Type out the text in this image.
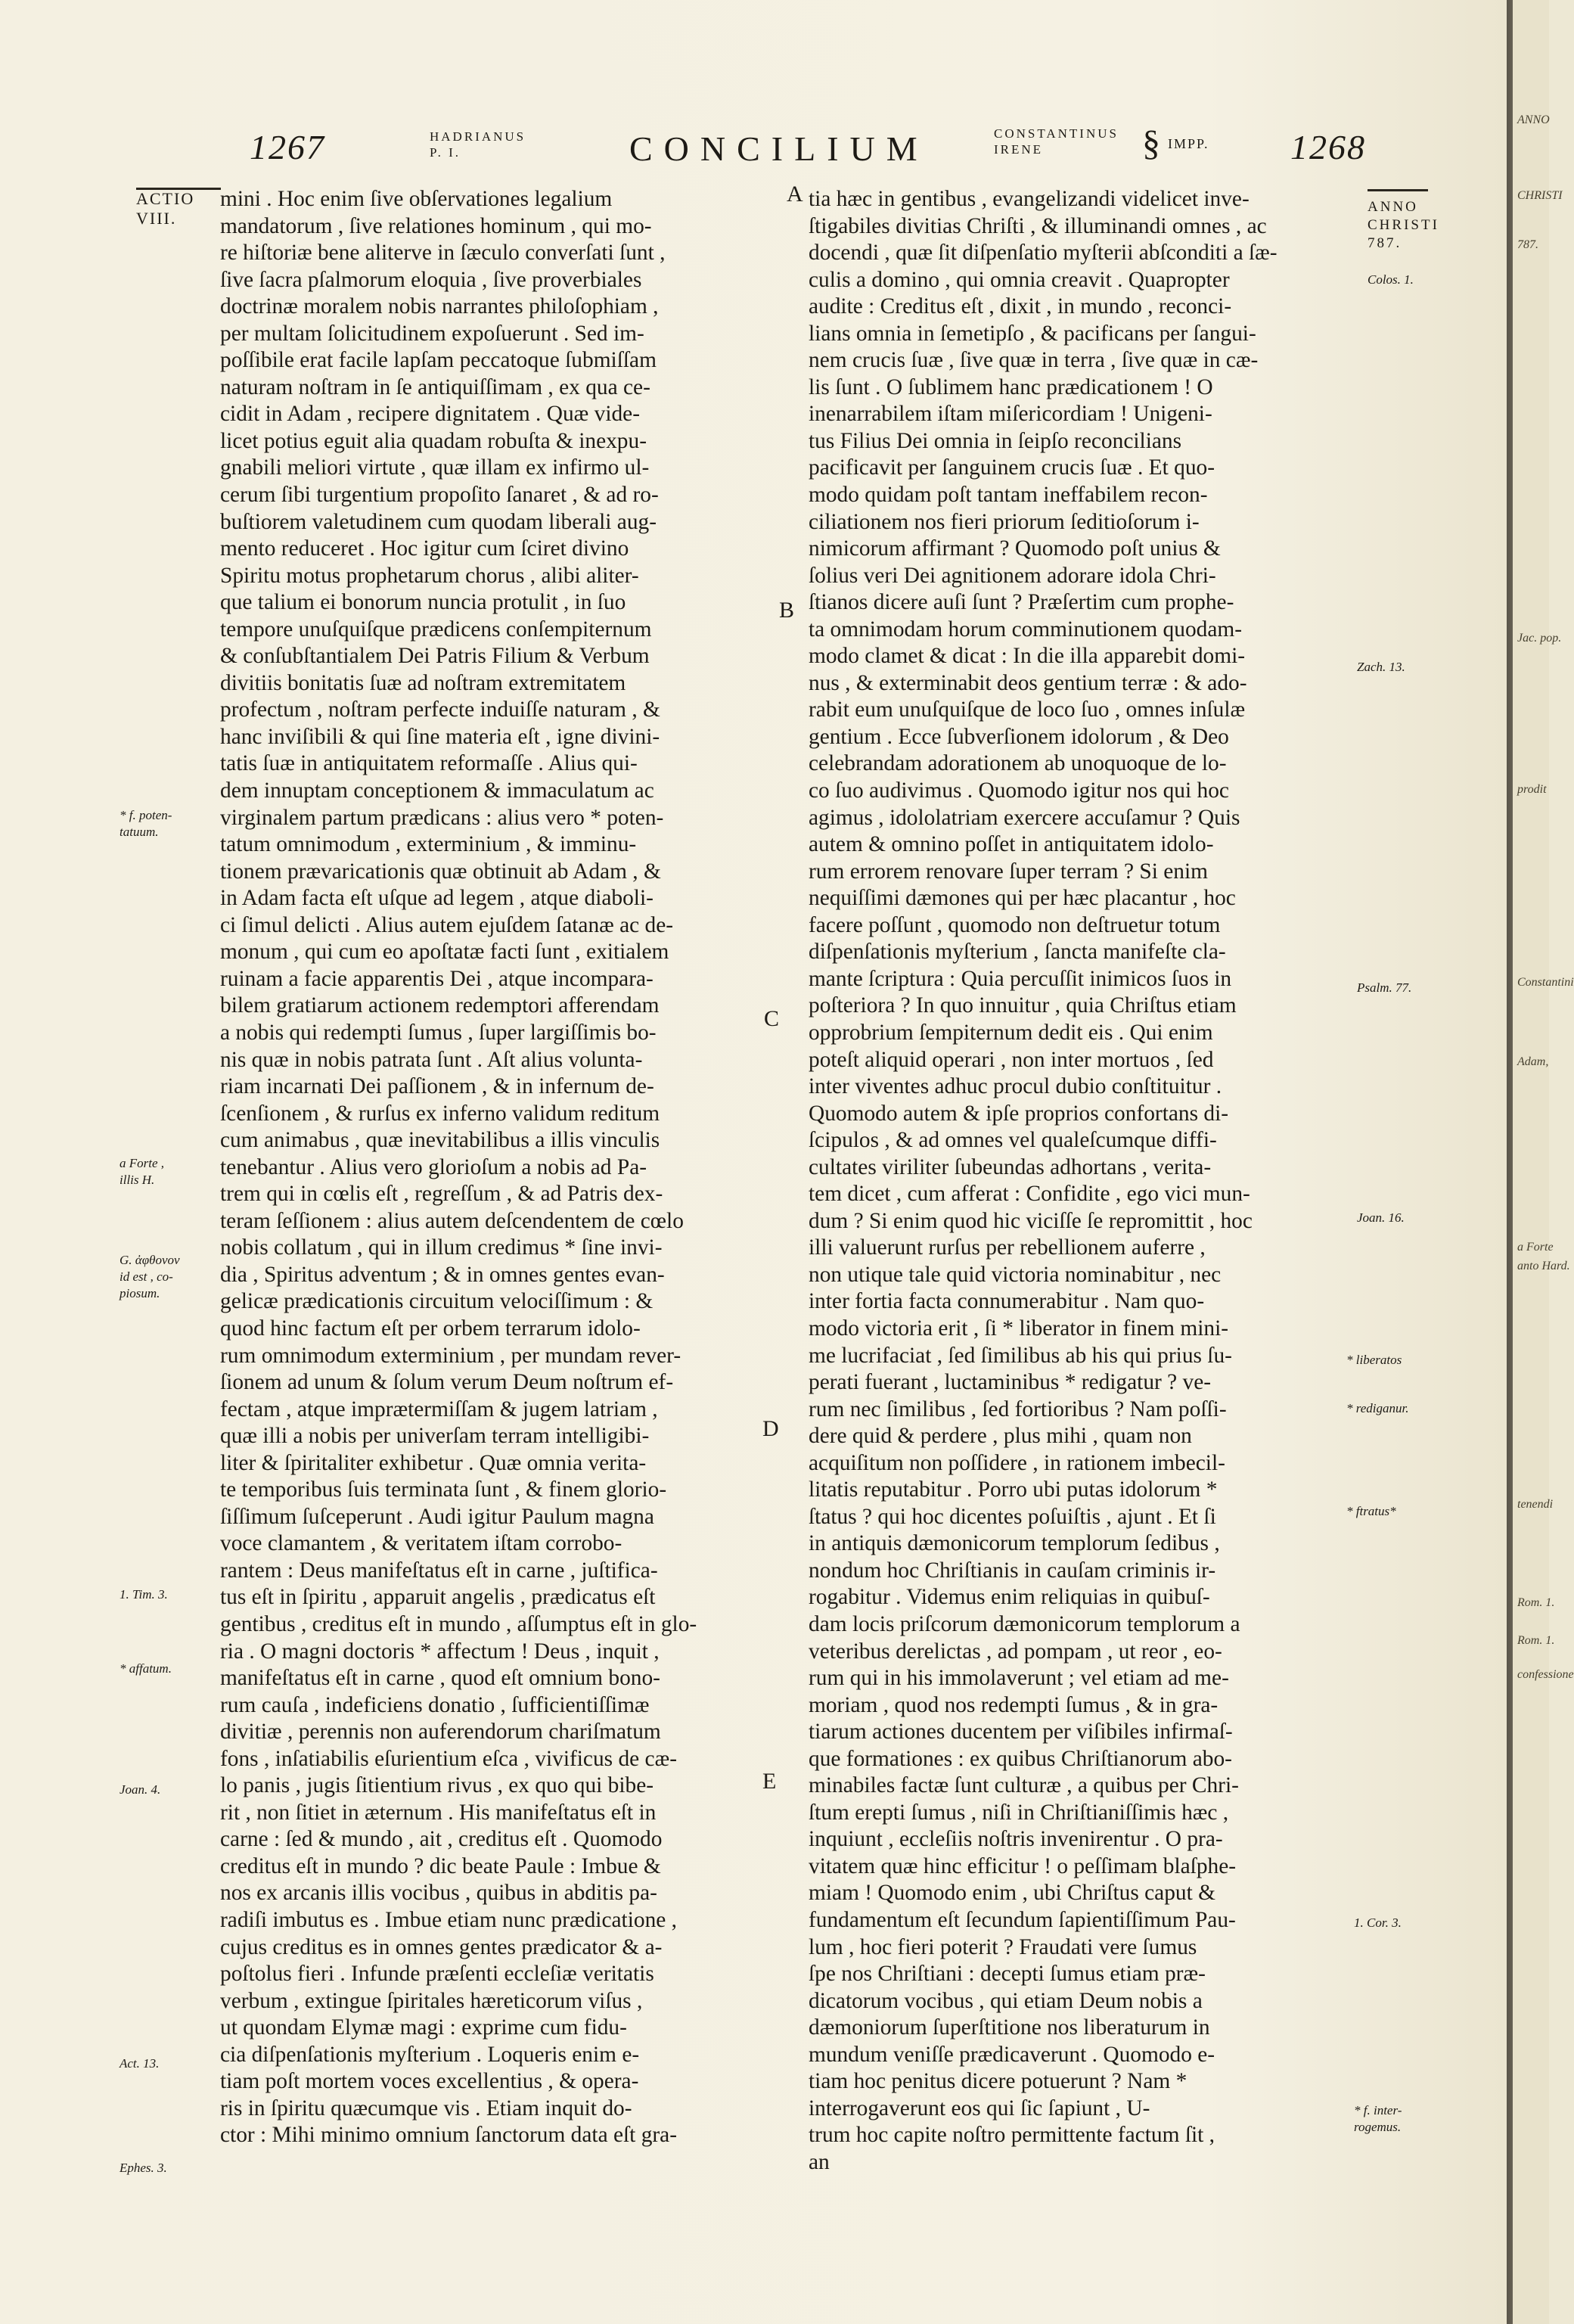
ANNO
CHRISTI
787.
Jac. pop.
prodit
Constantini
Adam,
a Forte
anto Hard.
tenendi
Rom. 1.
Rom. 1.
confessione
1267	HADRIANUS
P. I.	CONCILIUM	CONSTANTINUS
IRENE	§ IMPP. 1268
ACTIO
VIII.
* f. poten-
tatuum.
a Forte ,
illis H.
G. ἀφθονον
id est , co-
piosum.
1. Tim. 3.
* affatum.
Joan. 4.
Act. 13.
Ephes. 3.
ANNO
CHRISTI
787.
Colos. 1.
Zach. 13.
Psalm. 77.
Joan. 16.
* liberatos
* rediganur.
* ftratus*
1. Cor. 3.
* f. inter-
rogemus.
A
B
C
D
E
mini . Hoc enim ſive obſervationes legalium
mandatorum , ſive relationes hominum , qui mo-
re hiſtoriæ bene aliterve in ſæculo converſati ſunt ,
ſive ſacra pſalmorum eloquia , ſive proverbiales
doctrinæ moralem nobis narrantes philoſophiam ,
per multam ſolicitudinem expoſuerunt . Sed im-
poſſibile erat facile lapſam peccatoque ſubmiſſam
naturam noſtram in ſe antiquiſſimam , ex qua ce-
cidit in Adam , recipere dignitatem . Quæ vide-
licet potius eguit alia quadam robuſta & inexpu-
gnabili meliori virtute , quæ illam ex infirmo ul-
cerum ſibi turgentium propoſito ſanaret , & ad ro-
buſtiorem valetudinem cum quodam liberali aug-
mento reduceret . Hoc igitur cum ſciret divino
Spiritu motus prophetarum chorus , alibi aliter-
que talium ei bonorum nuncia protulit , in ſuo
tempore unuſquiſque prædicens conſempiternum
& conſubſtantialem Dei Patris Filium & Verbum
divitiis bonitatis ſuæ ad noſtram extremitatem
profectum , noſtram perfecte induiſſe naturam , &
hanc inviſibili & qui ſine materia eſt , igne divini-
tatis ſuæ in antiquitatem reformaſſe . Alius qui-
dem innuptam conceptionem & immaculatum ac
virginalem partum prædicans : alius vero * poten-
tatum omnimodum , exterminium , & imminu-
tionem prævaricationis quæ obtinuit ab Adam , &
in Adam facta eſt uſque ad legem , atque diaboli-
ci ſimul delicti . Alius autem ejuſdem ſatanæ ac de-
monum , qui cum eo apoſtatæ facti ſunt , exitialem
ruinam a facie apparentis Dei , atque incompara-
bilem gratiarum actionem redemptori afferendam
a nobis qui redempti ſumus , ſuper largiſſimis bo-
nis quæ in nobis patrata ſunt . Aſt alius volunta-
riam incarnati Dei paſſionem , & in infernum de-
ſcenſionem , & rurſus ex inferno validum reditum
cum animabus , quæ inevitabilibus a illis vinculis
tenebantur . Alius vero glorioſum a nobis ad Pa-
trem qui in cœlis eſt , regreſſum , & ad Patris dex-
teram ſeſſionem : alius autem deſcendentem de cœlo
nobis collatum , qui in illum credimus * ſine invi-
dia , Spiritus adventum ; & in omnes gentes evan-
gelicæ prædicationis circuitum velociſſimum : &
quod hinc factum eſt per orbem terrarum idolo-
rum omnimodum exterminium , per mundam rever-
ſionem ad unum & ſolum verum Deum noſtrum ef-
fectam , atque imprætermiſſam & jugem latriam ,
quæ illi a nobis per univerſam terram intelligibi-
liter & ſpiritaliter exhibetur . Quæ omnia verita-
te temporibus ſuis terminata ſunt , & finem glorio-
ſiſſimum ſuſceperunt . Audi igitur Paulum magna
voce clamantem , & veritatem iſtam corrobo-
rantem : Deus manifeſtatus eſt in carne , juſtifica-
tus eſt in ſpiritu , apparuit angelis , prædicatus eſt
gentibus , creditus eſt in mundo , aſſumptus eſt in glo-
ria . O magni doctoris * affectum ! Deus , inquit ,
manifeſtatus eſt in carne , quod eſt omnium bono-
rum cauſa , indeficiens donatio , ſufficientiſſimæ
divitiæ , perennis non auferendorum chariſmatum
fons , inſatiabilis eſurientium eſca , vivificus de cæ-
lo panis , jugis ſitientium rivus , ex quo qui bibe-
rit , non ſitiet in æternum . His manifeſtatus eſt in
carne : ſed & mundo , ait , creditus eſt . Quomodo
creditus eſt in mundo ? dic beate Paule : Imbue &
nos ex arcanis illis vocibus , quibus in abditis pa-
radiſi imbutus es . Imbue etiam nunc prædicatione ,
cujus creditus es in omnes gentes prædicator & a-
poſtolus fieri . Infunde præſenti eccleſiæ veritatis
verbum , extingue ſpiritales hæreticorum viſus ,
ut quondam Elymæ magi : exprime cum fidu-
cia diſpenſationis myſterium . Loqueris enim e-
tiam poſt mortem voces excellentius , & opera-
ris in ſpiritu quæcumque vis . Etiam inquit do-
ctor : Mihi minimo omnium ſanctorum data eſt gra-
tia hæc in gentibus , evangelizandi videlicet inve-
ſtigabiles divitias Chriſti , & illuminandi omnes , ac
docendi , quæ ſit diſpenſatio myſterii abſconditi a ſæ-
culis a domino , qui omnia creavit . Quapropter
audite : Creditus eſt , dixit , in mundo , reconci-
lians omnia in ſemetipſo , & pacificans per ſangui-
nem crucis ſuæ , ſive quæ in terra , ſive quæ in cæ-
lis ſunt . O ſublimem hanc prædicationem ! O
inenarrabilem iſtam miſericordiam ! Unigeni-
tus Filius Dei omnia in ſeipſo reconcilians
pacificavit per ſanguinem crucis ſuæ . Et quo-
modo quidam poſt tantam ineffabilem recon-
ciliationem nos fieri priorum ſeditioſorum i-
nimicorum affirmant ? Quomodo poſt unius &
ſolius veri Dei agnitionem adorare idola Chri-
ſtianos dicere auſi ſunt ? Præſertim cum prophe-
ta omnimodam horum comminutionem quodam-
modo clamet & dicat : In die illa apparebit domi-
nus , & exterminabit deos gentium terræ : & ado-
rabit eum unuſquiſque de loco ſuo , omnes inſulæ
gentium . Ecce ſubverſionem idolorum , & Deo
celebrandam adorationem ab unoquoque de lo-
co ſuo audivimus . Quomodo igitur nos qui hoc
agimus , idololatriam exercere accuſamur ? Quis
autem & omnino poſſet in antiquitatem idolo-
rum errorem renovare ſuper terram ? Si enim
nequiſſimi dæmones qui per hæc placantur , hoc
facere poſſunt , quomodo non deſtruetur totum
diſpenſationis myſterium , ſancta manifeſte cla-
mante ſcriptura : Quia percuſſit inimicos ſuos in
poſteriora ? In quo innuitur , quia Chriſtus etiam
opprobrium ſempiternum dedit eis . Qui enim
poteſt aliquid operari , non inter mortuos , ſed
inter viventes adhuc procul dubio conſtituitur .
Quomodo autem & ipſe proprios confortans di-
ſcipulos , & ad omnes vel qualeſcumque diffi-
cultates viriliter ſubeundas adhortans , verita-
tem dicet , cum afferat : Confidite , ego vici mun-
dum ? Si enim quod hic viciſſe ſe repromittit , hoc
illi valuerunt rurſus per rebellionem auferre ,
non utique tale quid victoria nominabitur , nec
inter fortia facta connumerabitur . Nam quo-
modo victoria erit , ſi * liberator in finem mini-
me lucrifaciat , ſed ſimilibus ab his qui prius ſu-
perati fuerant , luctaminibus * redigatur ? ve-
rum nec ſimilibus , ſed fortioribus ? Nam poſſi-
dere quid & perdere , plus mihi , quam non
acquiſitum non poſſidere , in rationem imbecil-
litatis reputabitur . Porro ubi putas idolorum *
ſtatus ? qui hoc dicentes poſuiſtis , ajunt . Et ſi
in antiquis dæmonicorum templorum ſedibus ,
nondum hoc Chriſtianis in cauſam criminis ir-
rogabitur . Videmus enim reliquias in quibuſ-
dam locis priſcorum dæmonicorum templorum a
veteribus derelictas , ad pompam , ut reor , eo-
rum qui in his immolaverunt ; vel etiam ad me-
moriam , quod nos redempti ſumus , & in gra-
tiarum actiones ducentem per viſibiles infirmaſ-
que formationes : ex quibus Chriſtianorum abo-
minabiles factæ ſunt culturæ , a quibus per Chri-
ſtum erepti ſumus , niſi in Chriſtianiſſimis hæc ,
inquiunt , eccleſiis noſtris invenirentur . O pra-
vitatem quæ hinc efficitur ! o peſſimam blaſphe-
miam ! Quomodo enim , ubi Chriſtus caput &
fundamentum eſt ſecundum ſapientiſſimum Pau-
lum , hoc fieri poterit ? Fraudati vere ſumus
ſpe nos Chriſtiani : decepti ſumus etiam præ-
dicatorum vocibus , qui etiam Deum nobis a
dæmoniorum ſuperſtitione nos liberaturum in
mundum veniſſe prædicaverunt . Quomodo e-
tiam hoc penitus dicere potuerunt ? Nam *
interrogaverunt eos qui ſic ſapiunt , U-
trum hoc capite noſtro permittente factum ſit ,
an
